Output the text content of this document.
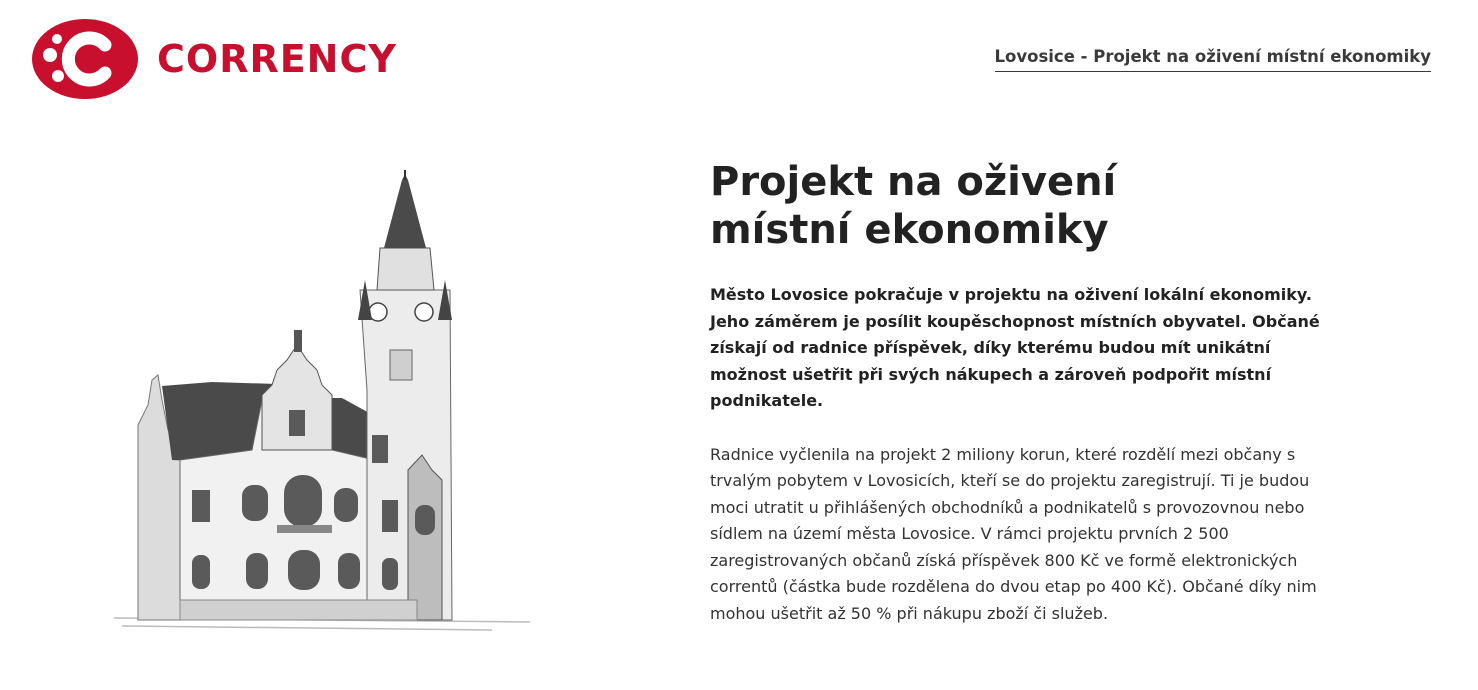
CORRENCY	Lovosice - Projekt na oživení místní ekonomiky
Projekt na oživení místní ekonomiky

Město Lovosice pokračuje v projektu na oživení lokální ekonomiky. Jeho záměrem je posílit koupěschopnost místních obyvatel. Občané získají od radnice příspěvek, díky kterému budou mít unikátní možnost ušetřit při svých nákupech a zároveň podpořit místní podnikatele.

Radnice vyčlenila na projekt 2 miliony korun, které rozdělí mezi občany s trvalým pobytem v Lovosicích, kteří se do projektu zaregistrují. Ti je budou moci utratit u přihlášených obchodníků a podnikatelů s provozovnou nebo sídlem na území města Lovosice. V rámci projektu prvních 2 500 zaregistrovaných občanů získá příspěvek 800 Kč ve formě elektronických correntů (částka bude rozdělena do dvou etap po 400 Kč). Občané díky nim mohou ušetřit až 50 % při nákupu zboží či služeb.
